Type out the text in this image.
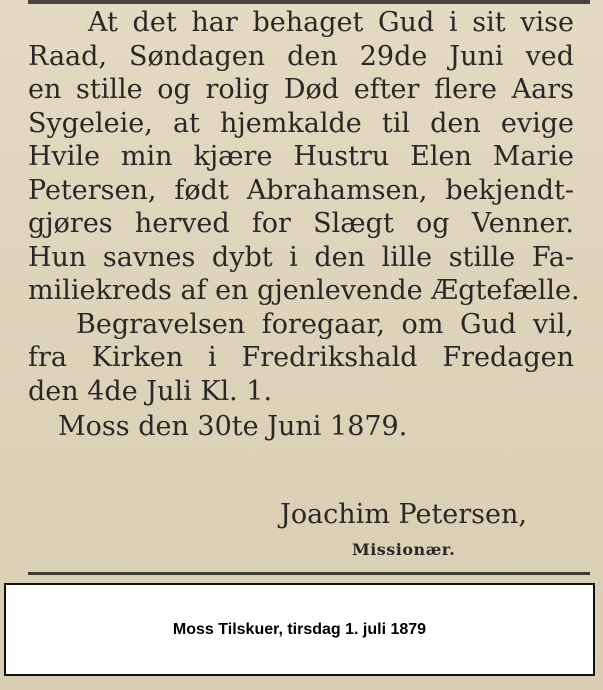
At det har behaget Gud i sit vise
Raad, Søndagen den 29de Juni ved
en stille og rolig Død efter flere Aars
Sygeleie, at hjemkalde til den evige
Hvile min kjære Hustru Elen Marie
Petersen, født Abrahamsen, bekjendt-
gjøres herved for Slægt og Venner.
Hun savnes dybt i den lille stille Fa-
miliekreds af en gjenlevende Ægtefælle.
Begravelsen foregaar, om Gud vil,
fra Kirken i Fredrikshald Fredagen
den 4de Juli Kl. 1.
Moss den 30te Juni 1879.
Joachim Petersen,
Missionær.
Moss Tilskuer, tirsdag 1. juli 1879
